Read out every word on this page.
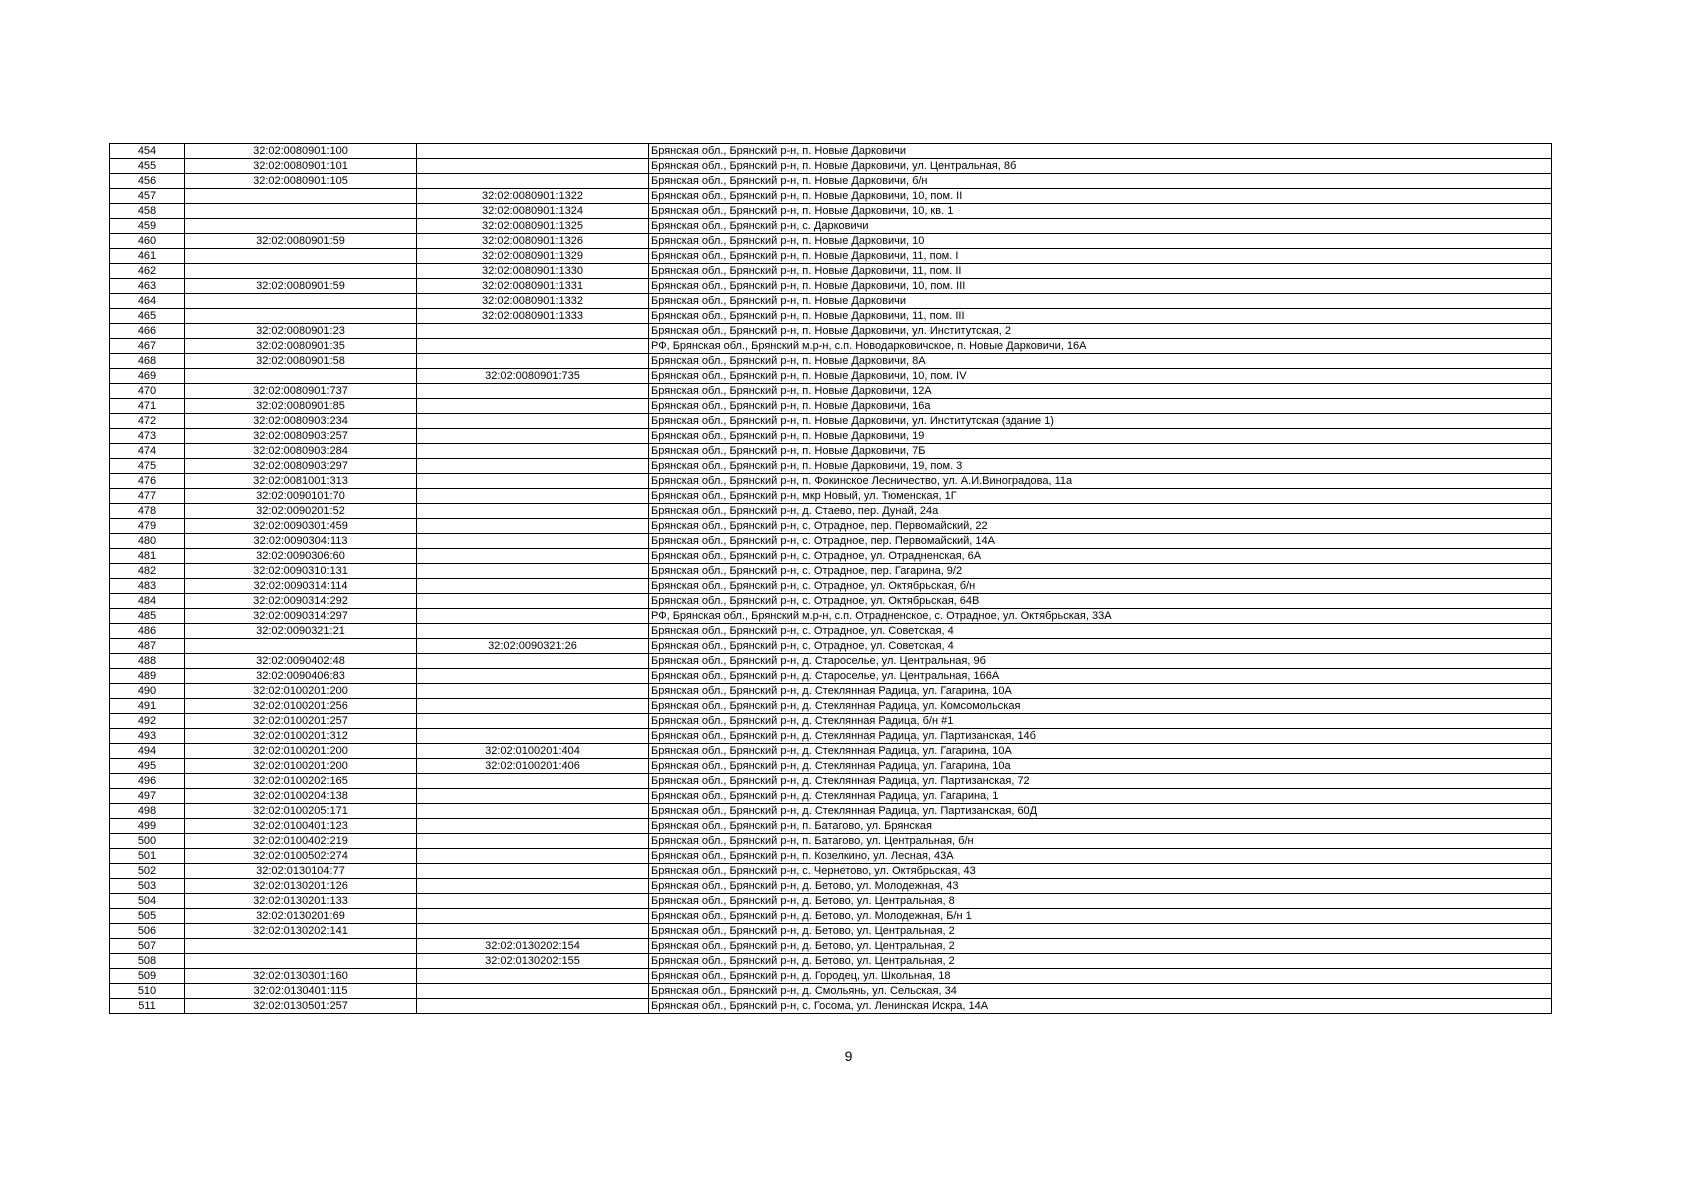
454	32:02:0080901:100		Брянская обл., Брянский р-н, п. Новые Дарковичи
455	32:02:0080901:101		Брянская обл., Брянский р-н, п. Новые Дарковичи, ул. Центральная, 8б
456	32:02:0080901:105		Брянская обл., Брянский р-н, п. Новые Дарковичи, б/н
457		32:02:0080901:1322	Брянская обл., Брянский р-н, п. Новые Дарковичи, 10, пом. II
458		32:02:0080901:1324	Брянская обл., Брянский р-н, п. Новые Дарковичи, 10, кв. 1
459		32:02:0080901:1325	Брянская обл., Брянский р-н, с. Дарковичи
460	32:02:0080901:59	32:02:0080901:1326	Брянская обл., Брянский р-н, п. Новые Дарковичи, 10
461		32:02:0080901:1329	Брянская обл., Брянский р-н, п. Новые Дарковичи, 11, пом. I
462		32:02:0080901:1330	Брянская обл., Брянский р-н, п. Новые Дарковичи, 11, пом. II
463	32:02:0080901:59	32:02:0080901:1331	Брянская обл., Брянский р-н, п. Новые Дарковичи, 10, пом. III
464		32:02:0080901:1332	Брянская обл., Брянский р-н, п. Новые Дарковичи
465		32:02:0080901:1333	Брянская обл., Брянский р-н, п. Новые Дарковичи, 11, пом. III
466	32:02:0080901:23		Брянская обл., Брянский р-н, п. Новые Дарковичи, ул. Институтская, 2
467	32:02:0080901:35		РФ, Брянская обл., Брянский м.р-н, с.п. Новодарковичское, п. Новые Дарковичи, 16А
468	32:02:0080901:58		Брянская обл., Брянский р-н, п. Новые Дарковичи, 8А
469		32:02:0080901:735	Брянская обл., Брянский р-н, п. Новые Дарковичи, 10, пом. IV
470	32:02:0080901:737		Брянская обл., Брянский р-н, п. Новые Дарковичи, 12А
471	32:02:0080901:85		Брянская обл., Брянский р-н, п. Новые Дарковичи, 16а
472	32:02:0080903:234		Брянская обл., Брянский р-н, п. Новые Дарковичи, ул. Институтская (здание 1)
473	32:02:0080903:257		Брянская обл., Брянский р-н, п. Новые Дарковичи, 19
474	32:02:0080903:284		Брянская обл., Брянский р-н, п. Новые Дарковичи, 7Б
475	32:02:0080903:297		Брянская обл., Брянский р-н, п. Новые Дарковичи, 19, пом. 3
476	32:02:0081001:313		Брянская обл., Брянский р-н, п. Фокинское Лесничество, ул. А.И.Виноградова, 11а
477	32:02:0090101:70		Брянская обл., Брянский р-н, мкр Новый, ул. Тюменская, 1Г
478	32:02:0090201:52		Брянская обл., Брянский р-н, д. Стаево, пер. Дунай, 24а
479	32:02:0090301:459		Брянская обл., Брянский р-н, с. Отрадное, пер. Первомайский, 22
480	32:02:0090304:113		Брянская обл., Брянский р-н, с. Отрадное, пер. Первомайский, 14А
481	32:02:0090306:60		Брянская обл., Брянский р-н, с. Отрадное, ул. Отрадненская, 6А
482	32:02:0090310:131		Брянская обл., Брянский р-н, с. Отрадное, пер. Гагарина, 9/2
483	32:02:0090314:114		Брянская обл., Брянский р-н, с. Отрадное, ул. Октябрьская, б/н
484	32:02:0090314:292		Брянская обл., Брянский р-н, с. Отрадное, ул. Октябрьская, 64В
485	32:02:0090314:297		РФ, Брянская обл., Брянский м.р-н, с.п. Отрадненское, с. Отрадное, ул. Октябрьская, 33А
486	32:02:0090321:21		Брянская обл., Брянский р-н, с. Отрадное, ул. Советская, 4
487		32:02:0090321:26	Брянская обл., Брянский р-н, с. Отрадное, ул. Советская, 4
488	32:02:0090402:48		Брянская обл., Брянский р-н, д. Староселье, ул. Центральная, 9б
489	32:02:0090406:83		Брянская обл., Брянский р-н, д. Староселье, ул. Центральная, 166А
490	32:02:0100201:200		Брянская обл., Брянский р-н, д. Стеклянная Радица, ул. Гагарина, 10А
491	32:02:0100201:256		Брянская обл., Брянский р-н, д. Стеклянная Радица, ул. Комсомольская
492	32:02:0100201:257		Брянская обл., Брянский р-н, д. Стеклянная Радица, б/н #1
493	32:02:0100201:312		Брянская обл., Брянский р-н, д. Стеклянная Радица, ул. Партизанская, 14б
494	32:02:0100201:200	32:02:0100201:404	Брянская обл., Брянский р-н, д. Стеклянная Радица, ул. Гагарина, 10А
495	32:02:0100201:200	32:02:0100201:406	Брянская обл., Брянский р-н, д. Стеклянная Радица, ул. Гагарина, 10а
496	32:02:0100202:165		Брянская обл., Брянский р-н, д. Стеклянная Радица, ул. Партизанская, 72
497	32:02:0100204:138		Брянская обл., Брянский р-н, д. Стеклянная Радица, ул. Гагарина, 1
498	32:02:0100205:171		Брянская обл., Брянский р-н, д. Стеклянная Радица, ул. Партизанская, 60Д
499	32:02:0100401:123		Брянская обл., Брянский р-н, п. Батагово, ул. Брянская
500	32:02:0100402:219		Брянская обл., Брянский р-н, п. Батагово, ул. Центральная, б/н
501	32:02:0100502:274		Брянская обл., Брянский р-н, п. Козелкино, ул. Лесная, 43А
502	32:02:0130104:77		Брянская обл., Брянский р-н, с. Чернетово, ул. Октябрьская, 43
503	32:02:0130201:126		Брянская обл., Брянский р-н, д. Бетово, ул. Молодежная, 43
504	32:02:0130201:133		Брянская обл., Брянский р-н, д. Бетово, ул. Центральная, 8
505	32:02:0130201:69		Брянская обл., Брянский р-н, д. Бетово, ул. Молодежная, Б/н 1
506	32:02:0130202:141		Брянская обл., Брянский р-н, д. Бетово, ул. Центральная, 2
507		32:02:0130202:154	Брянская обл., Брянский р-н, д. Бетово, ул. Центральная, 2
508		32:02:0130202:155	Брянская обл., Брянский р-н, д. Бетово, ул. Центральная, 2
509	32:02:0130301:160		Брянская обл., Брянский р-н, д. Городец, ул. Школьная, 18
510	32:02:0130401:115		Брянская обл., Брянский р-н, д. Смольянь, ул. Сельская, 34
511	32:02:0130501:257		Брянская обл., Брянский р-н, с. Госома, ул. Ленинская Искра, 14А
9
